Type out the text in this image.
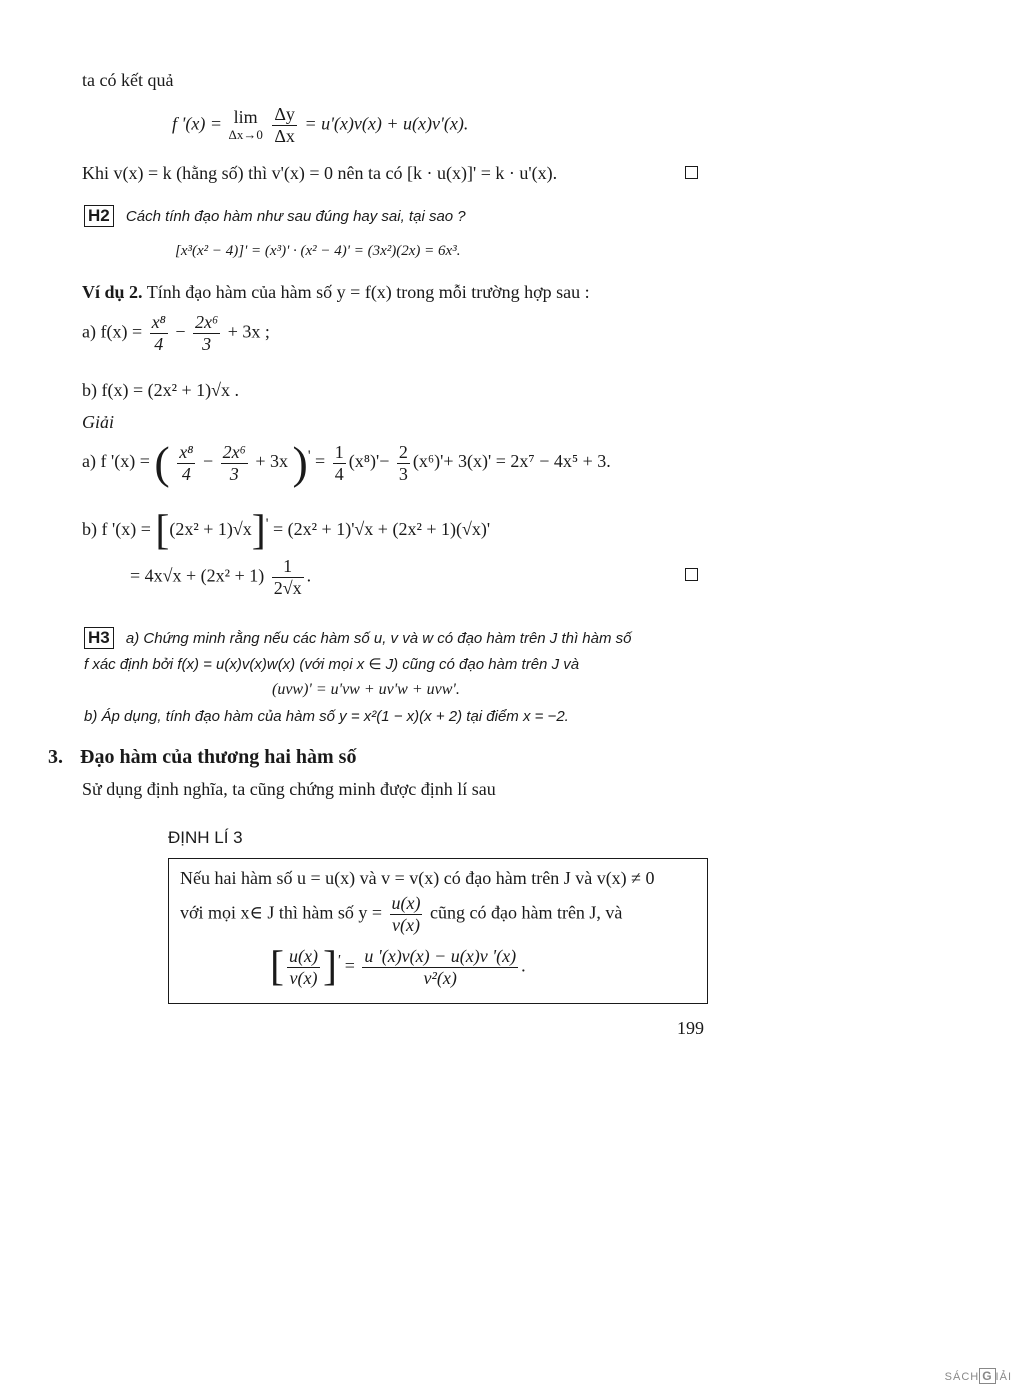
ta có kết quả
f '(x) = lim
Δx→0
$\frac{\Delta y}{\Delta x} = u'(x)v(x) + u(x)v'(x)$.
Khi v(x) = k (hằng số) thì v'(x) = 0 nên ta có [k · u(x)]' = k · u'(x).
H2 Cách tính đạo hàm như sau đúng hay sai, tại sao ?
[x³(x² − 4)]' = (x³)' · (x² − 4)' = (3x²)(2x) = 6x³.
Ví dụ 2. Tính đạo hàm của hàm số y = f(x) trong mỗi trường hợp sau :
a) $f(x) = \frac{\text{x⁸}}{4} - \frac{\text{2x⁶}}{3} + 3x$ ;
b) f(x) = (2x² + 1)√x .
Giải
a) f '(x) = ( $\frac{\text{x⁸}}{4} - \frac{\text{2x⁶}}{3} + 3x$ )$' = \frac{1}{4} (x^8)'- \frac{2}{3} (x^6)'+ 3(x)' = 2x^7 - 4x^5 + 3$.
b) f '(x) = [(2x² + 1)√x]' = (2x² + 1)'√x + (2x² + 1)(√x)'
= $4x√x + (2x^2 + 1) \frac{1}{2√x}$ .
H3 a) Chứng minh rằng nếu các hàm số u, v và w có đạo hàm trên J thì hàm số
f xác định bởi f(x) = u(x)v(x)w(x) (với mọi x ∈ J) cũng có đạo hàm trên J và
(uvw)' = u'vw + uv'w + uvw'.
b) Áp dụng, tính đạo hàm của hàm số y = x²(1 − x)(x + 2) tại điểm x = −2.
3. Đạo hàm của thương hai hàm số
Sử dụng định nghĩa, ta cũng chứng minh được định lí sau
ĐỊNH LÍ 3
Nếu hai hàm số u = u(x) và v = v(x) có đạo hàm trên J và v(x) ≠ 0
với mọi x∈ J thì hàm số $y = \frac{u(x)}{v(x)}$ cũng có đạo hàm trên J, và
[ $\frac{u(x)}{v(x)} ]' = \frac{u '(x)v(x) - u(x)v '(x)}{\text{v²(x)}}$ .
199
SÁCH G IẢI
